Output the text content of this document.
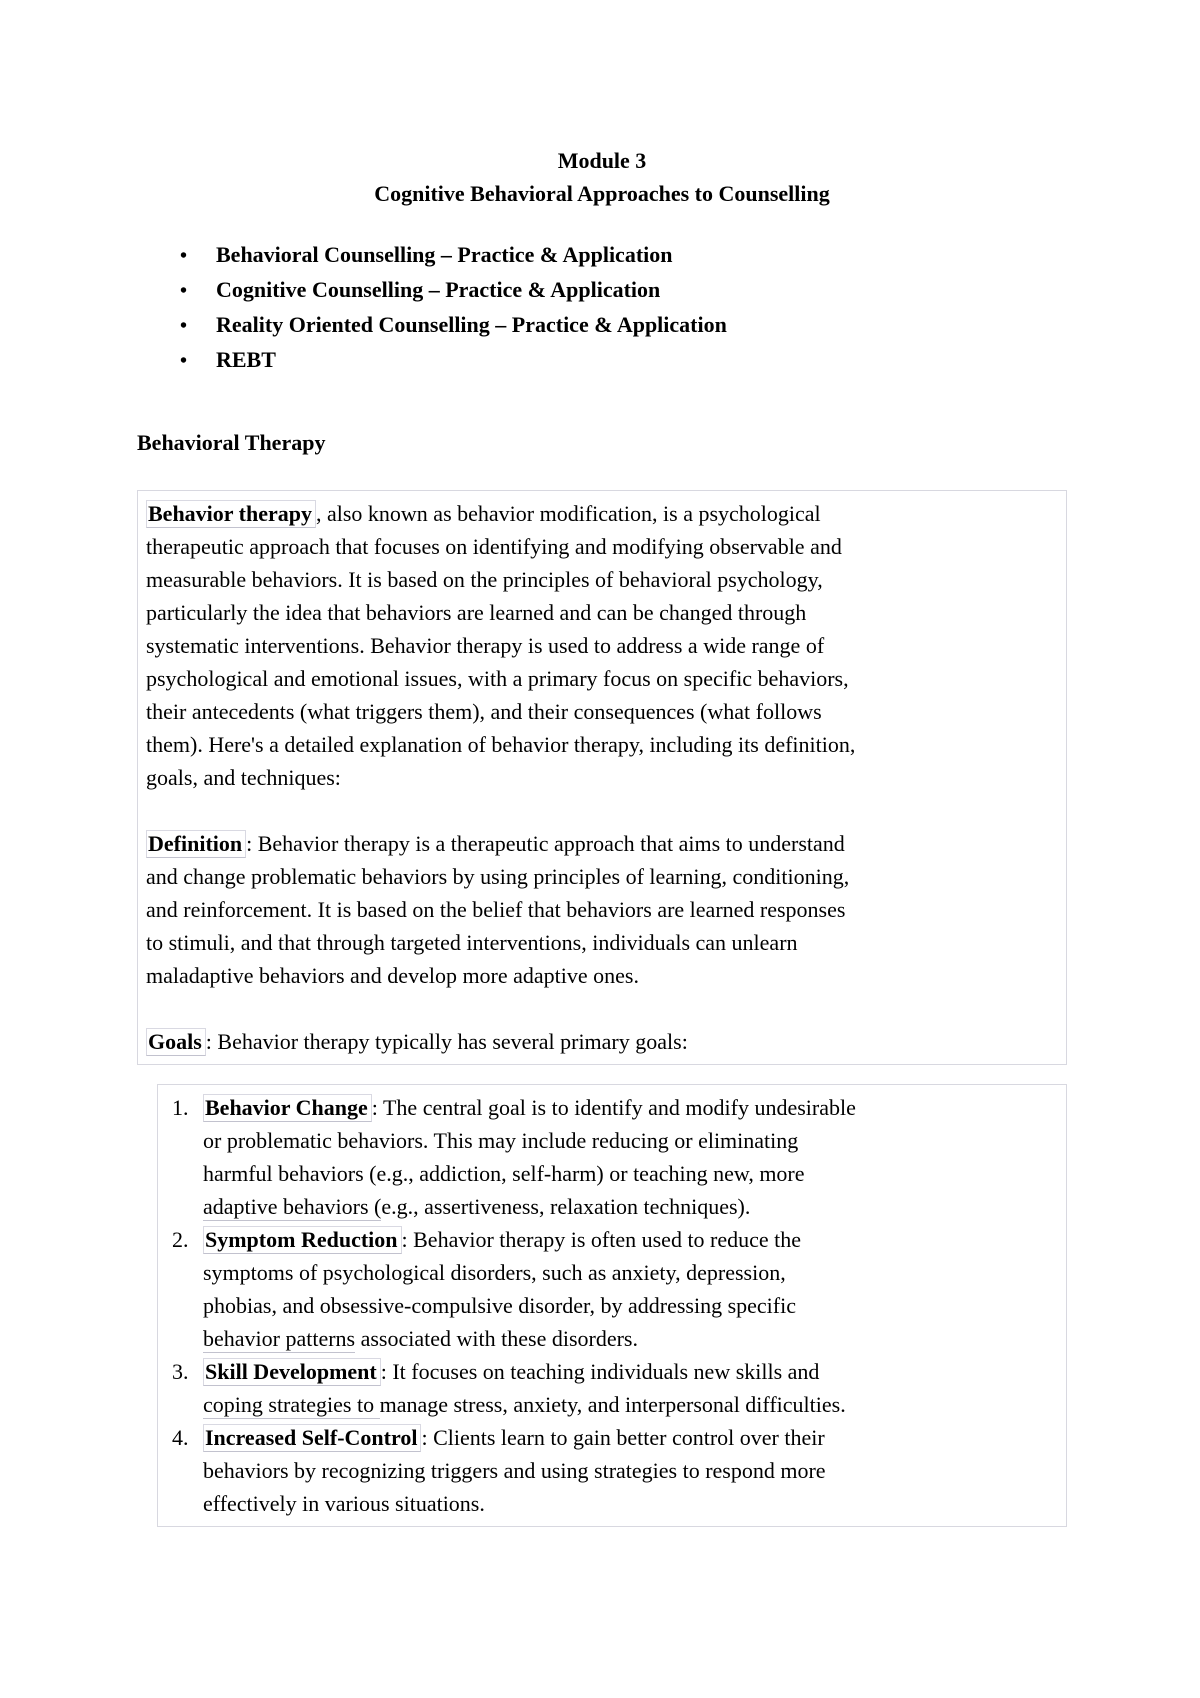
Module 3
Cognitive Behavioral Approaches to Counselling
• Behavioral Counselling – Practice & Application
• Cognitive Counselling – Practice & Application
• Reality Oriented Counselling – Practice & Application
• REBT
Behavioral Therapy
Behavior therapy , also known as behavior modification, is a psychological
therapeutic approach that focuses on identifying and modifying observable and
measurable behaviors. It is based on the principles of behavioral psychology,
particularly the idea that behaviors are learned and can be changed through
systematic interventions. Behavior therapy is used to address a wide range of
psychological and emotional issues, with a primary focus on specific behaviors,
their antecedents (what triggers them), and their consequences (what follows
them). Here's a detailed explanation of behavior therapy, including its definition,
goals, and techniques:
Definition : Behavior therapy is a therapeutic approach that aims to understand
and change problematic behaviors by using principles of learning, conditioning,
and reinforcement. It is based on the belief that behaviors are learned responses
to stimuli, and that through targeted interventions, individuals can unlearn
maladaptive behaviors and develop more adaptive ones.
Goals : Behavior therapy typically has several primary goals:
1. Behavior Change : The central goal is to identify and modify undesirable
or problematic behaviors. This may include reducing or eliminating
harmful behaviors (e.g., addiction, self-harm) or teaching new, more
adaptive behaviors (e.g., assertiveness, relaxation techniques).
2. Symptom Reduction : Behavior therapy is often used to reduce the
symptoms of psychological disorders, such as anxiety, depression,
phobias, and obsessive-compulsive disorder, by addressing specific
behavior patterns associated with these disorders.
3. Skill Development : It focuses on teaching individuals new skills and
coping strategies to manage stress, anxiety, and interpersonal difficulties.
4. Increased Self-Control : Clients learn to gain better control over their
behaviors by recognizing triggers and using strategies to respond more
effectively in various situations.
